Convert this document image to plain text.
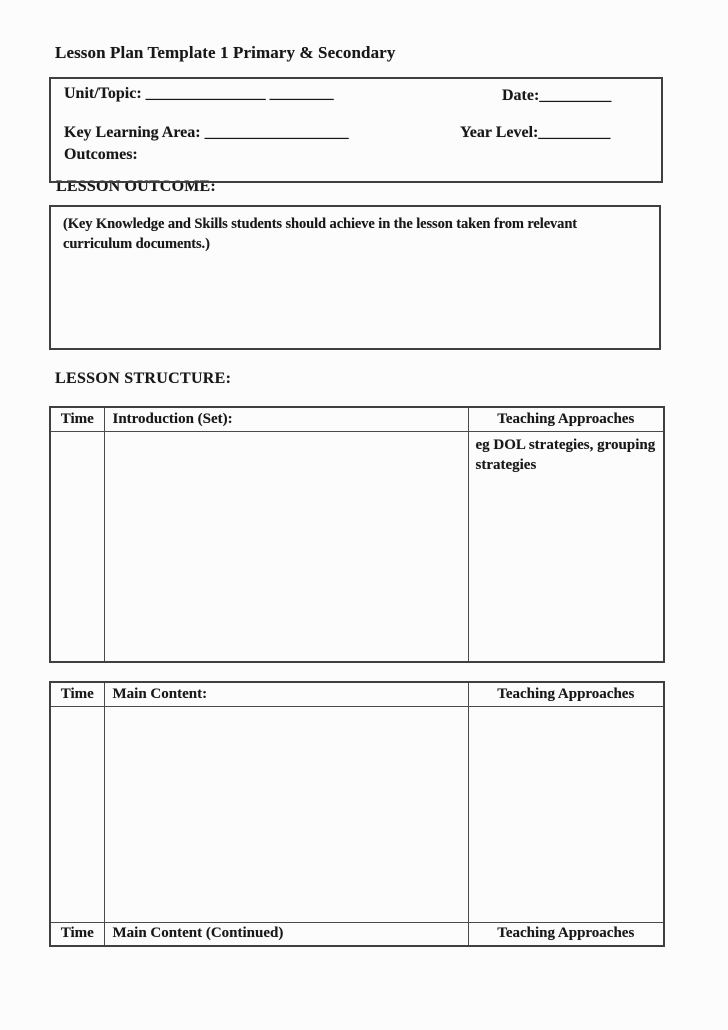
Lesson Plan Template 1 Primary & Secondary
LESSON OUTCOME:
Unit/Topic: _______________ ________	Date:_________
Key Learning Area: __________________	Year Level:_________
Outcomes:
(Key Knowledge and Skills students should achieve in the lesson taken from relevant curriculum documents.)
LESSON STRUCTURE:
Time	Introduction (Set):	Teaching Approaches
		eg DOL strategies, grouping strategies
Time	Main Content:	Teaching Approaches

Time	Main Content (Continued)	Teaching Approaches
